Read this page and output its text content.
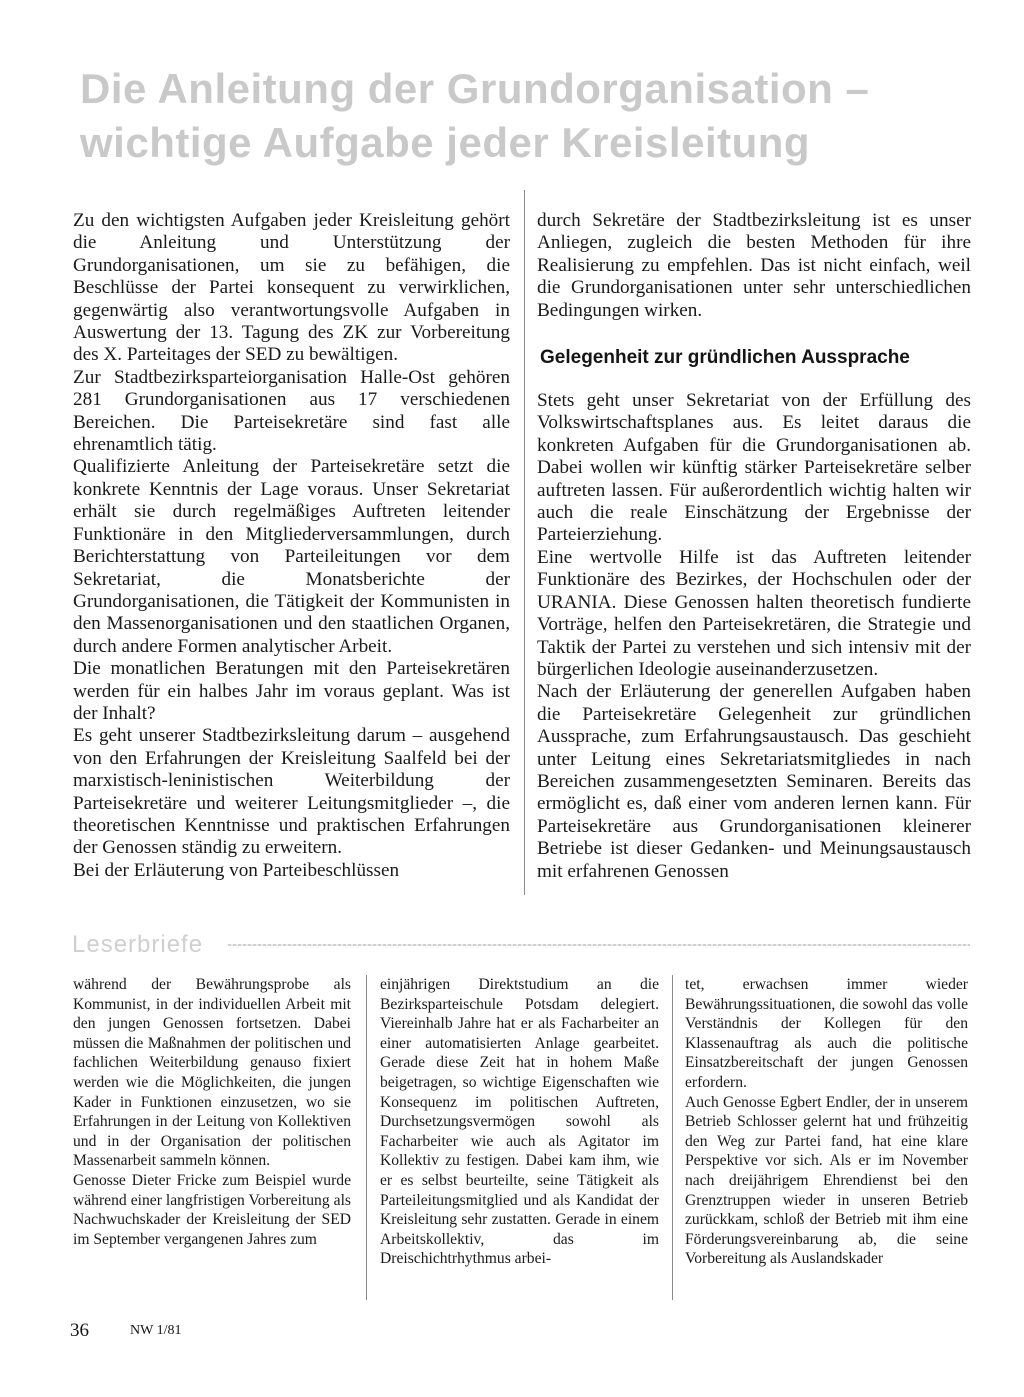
Die Anleitung der Grundorganisation –
wichtige Aufgabe jeder Kreisleitung

Zu den wichtigsten Aufgaben jeder Kreisleitung gehört die Anleitung und Unterstützung der Grundorganisationen, um sie zu befähigen, die Beschlüsse der Partei konsequent zu verwirklichen, gegenwärtig also verantwortungsvolle Aufgaben in Auswertung der 13. Tagung des ZK zur Vorbereitung des X. Parteitages der SED zu bewältigen.

Zur Stadtbezirksparteiorganisation Halle-Ost gehören 281 Grundorganisationen aus 17 verschiedenen Bereichen. Die Parteisekretäre sind fast alle ehrenamtlich tätig.

Qualifizierte Anleitung der Parteisekretäre setzt die konkrete Kenntnis der Lage voraus. Unser Sekretariat erhält sie durch regelmäßiges Auftreten leitender Funktionäre in den Mitgliederversammlungen, durch Berichterstattung von Parteileitungen vor dem Sekretariat, die Monatsberichte der Grundorganisationen, die Tätigkeit der Kommunisten in den Massenorganisationen und den staatlichen Organen, durch andere Formen analytischer Arbeit.

Die monatlichen Beratungen mit den Parteisekretären werden für ein halbes Jahr im voraus geplant. Was ist der Inhalt?

Es geht unserer Stadtbezirksleitung darum – ausgehend von den Erfahrungen der Kreisleitung Saalfeld bei der marxistisch-leninistischen Weiterbildung der Parteisekretäre und weiterer Leitungsmitglieder –, die theoretischen Kenntnisse und praktischen Erfahrungen der Genossen ständig zu erweitern.

Bei der Erläuterung von Parteibeschlüssen

durch Sekretäre der Stadtbezirksleitung ist es unser Anliegen, zugleich die besten Methoden für ihre Realisierung zu empfehlen. Das ist nicht einfach, weil die Grundorganisationen unter sehr unterschiedlichen Bedingungen wirken.

Gelegenheit zur gründlichen Aussprache

Stets geht unser Sekretariat von der Erfüllung des Volkswirtschaftsplanes aus. Es leitet daraus die konkreten Aufgaben für die Grundorganisationen ab. Dabei wollen wir künftig stärker Parteisekretäre selber auftreten lassen. Für außerordentlich wichtig halten wir auch die reale Einschätzung der Ergebnisse der Parteierziehung.

Eine wertvolle Hilfe ist das Auftreten leitender Funktionäre des Bezirkes, der Hochschulen oder der URANIA. Diese Genossen halten theoretisch fundierte Vorträge, helfen den Parteisekretären, die Strategie und Taktik der Partei zu verstehen und sich intensiv mit der bürgerlichen Ideologie auseinanderzusetzen.

Nach der Erläuterung der generellen Aufgaben haben die Parteisekretäre Gelegenheit zur gründlichen Aussprache, zum Erfahrungsaustausch. Das geschieht unter Leitung eines Sekretariatsmitgliedes in nach Bereichen zusammengesetzten Seminaren. Bereits das ermöglicht es, daß einer vom anderen lernen kann. Für Parteisekretäre aus Grundorganisationen kleinerer Betriebe ist dieser Gedanken- und Meinungsaustausch mit erfahrenen Genossen

Leserbriefe

während der Bewährungsprobe als Kommunist, in der individuellen Arbeit mit den jungen Genossen fortsetzen. Dabei müssen die Maßnahmen der politischen und fachlichen Weiterbildung genauso fixiert werden wie die Möglichkeiten, die jungen Kader in Funktionen einzusetzen, wo sie Erfahrungen in der Leitung von Kollektiven und in der Organisation der politischen Massenarbeit sammeln können.

Genosse Dieter Fricke zum Beispiel wurde während einer langfristigen Vorbereitung als Nachwuchskader der Kreisleitung der SED im September vergangenen Jahres zum

einjährigen Direktstudium an die Bezirksparteischule Potsdam delegiert. Viereinhalb Jahre hat er als Facharbeiter an einer automatisierten Anlage gearbeitet. Gerade diese Zeit hat in hohem Maße beigetragen, so wichtige Eigenschaften wie Konsequenz im politischen Auftreten, Durchsetzungsvermögen sowohl als Facharbeiter wie auch als Agitator im Kollektiv zu festigen. Dabei kam ihm, wie er es selbst beurteilte, seine Tätigkeit als Parteileitungsmitglied und als Kandidat der Kreisleitung sehr zustatten. Gerade in einem Arbeitskollektiv, das im Dreischichtrhythmus arbei-

tet, erwachsen immer wieder Bewährungssituationen, die sowohl das volle Verständnis der Kollegen für den Klassenauftrag als auch die politische Einsatzbereitschaft der jungen Genossen erfordern.

Auch Genosse Egbert Endler, der in unserem Betrieb Schlosser gelernt hat und frühzeitig den Weg zur Partei fand, hat eine klare Perspektive vor sich. Als er im November nach dreijährigem Ehrendienst bei den Grenztruppen wieder in unseren Betrieb zurückkam, schloß der Betrieb mit ihm eine Förderungsvereinbarung ab, die seine Vorbereitung als Auslandskader

36	NW 1/81
